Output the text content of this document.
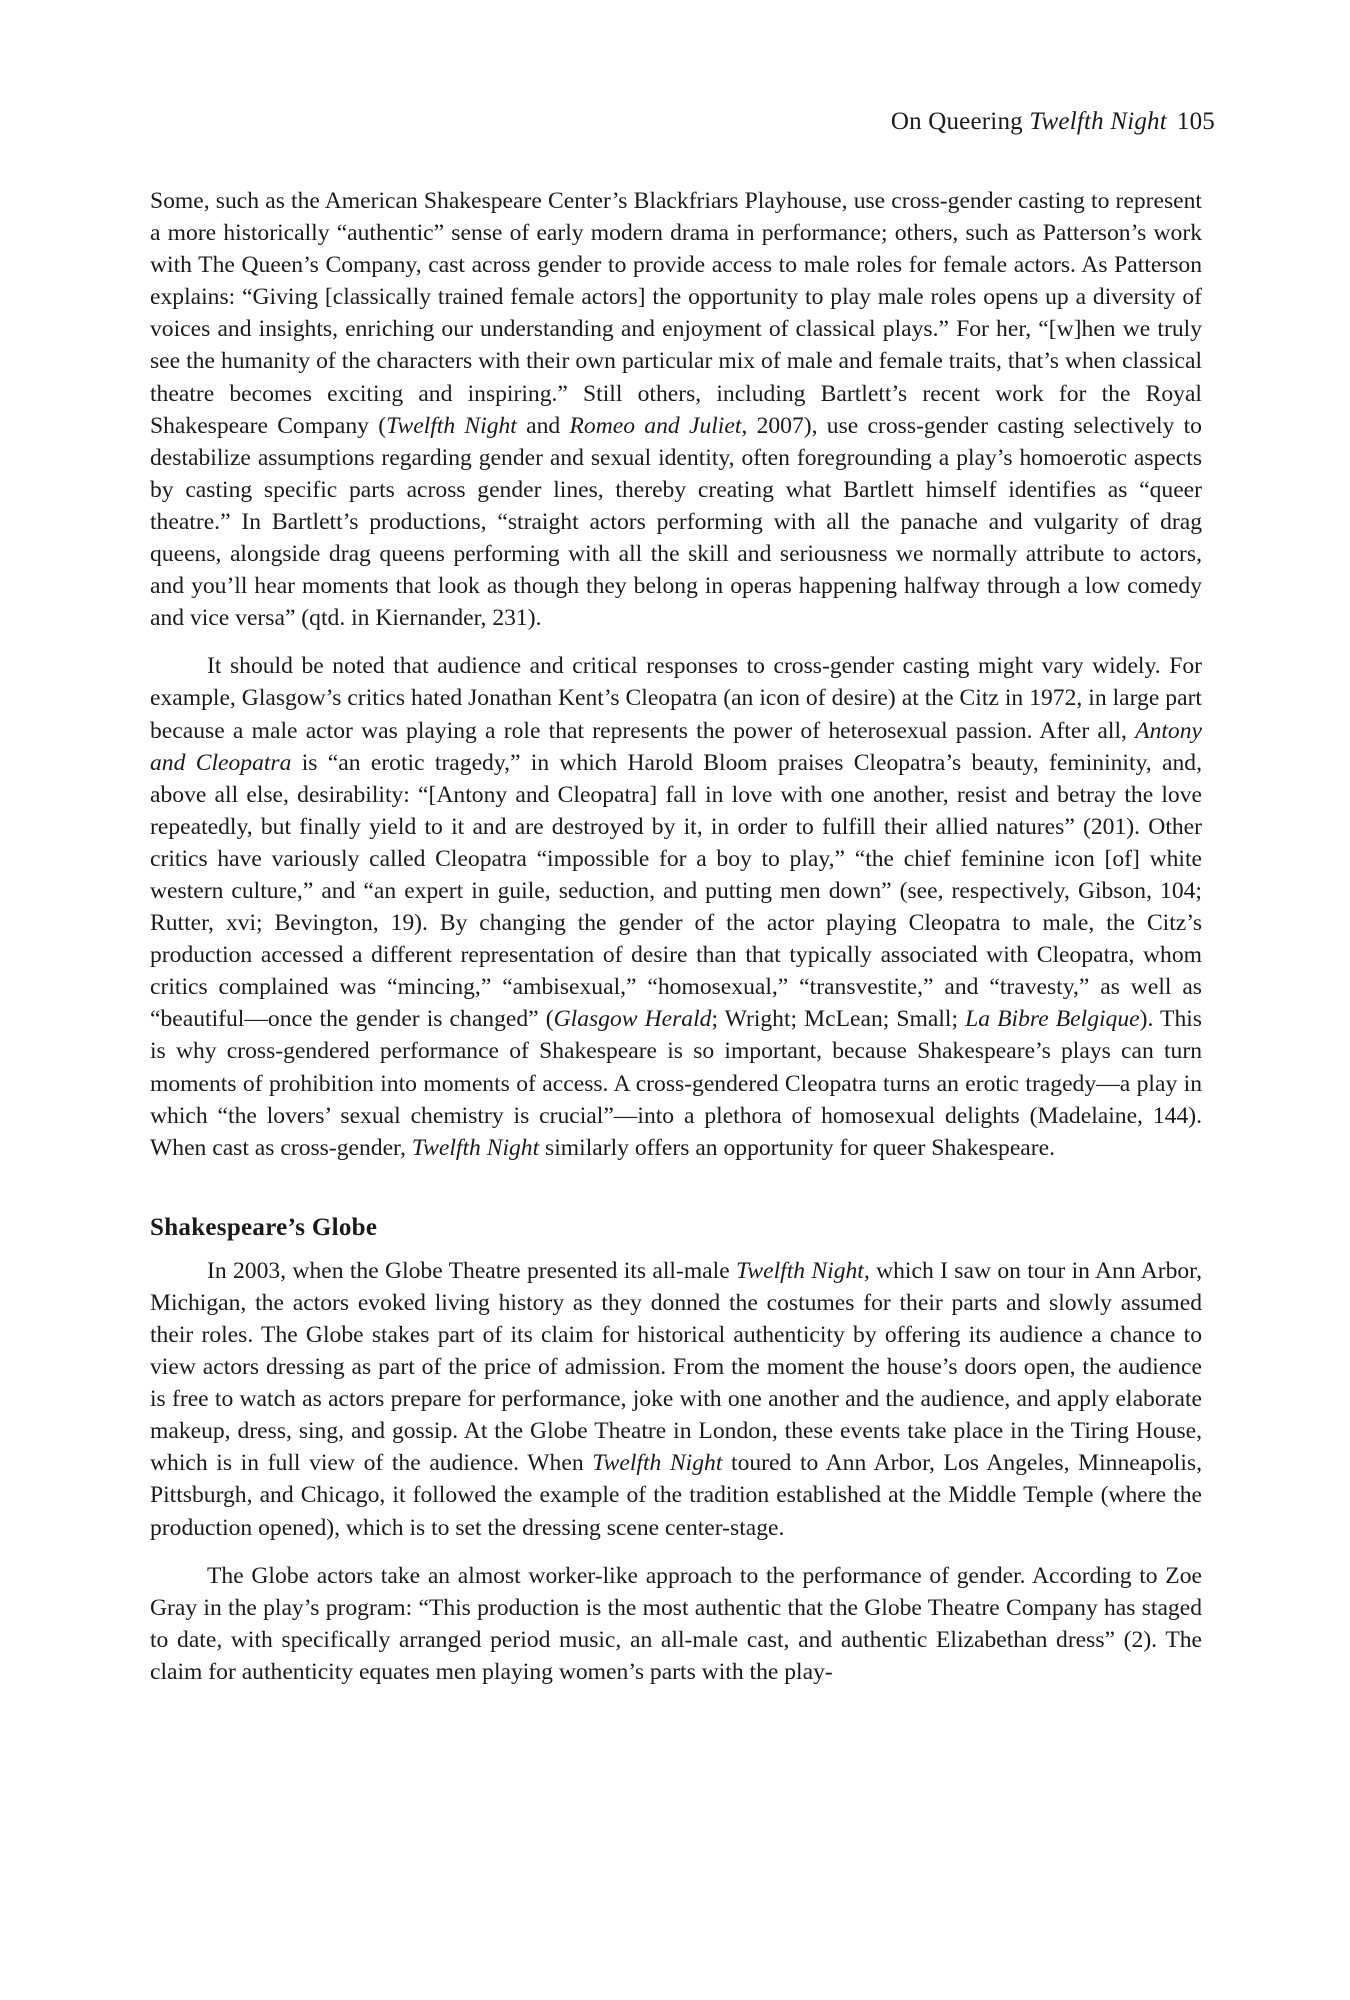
On Queering Twelfth Night 105

Some, such as the American Shakespeare Center’s Blackfriars Playhouse, use cross-gender casting to represent a more historically “authentic” sense of early modern drama in performance; others, such as Patterson’s work with The Queen’s Company, cast across gender to provide access to male roles for female actors. As Patterson explains: “Giving [classically trained female actors] the opportunity to play male roles opens up a diversity of voices and insights, enriching our understanding and enjoyment of classical plays.” For her, “[w]hen we truly see the humanity of the characters with their own particular mix of male and female traits, that’s when classical theatre becomes exciting and inspiring.” Still others, including Bartlett’s recent work for the Royal Shakespeare Company (Twelfth Night and Romeo and Juliet, 2007), use cross-gender casting selectively to destabilize assumptions regarding gender and sexual identity, often foregrounding a play’s homoerotic aspects by casting specific parts across gender lines, thereby creating what Bartlett himself identifies as “queer theatre.” In Bartlett’s productions, “straight actors performing with all the panache and vulgarity of drag queens, alongside drag queens performing with all the skill and seriousness we normally attribute to actors, and you’ll hear moments that look as though they belong in operas happening halfway through a low comedy and vice versa” (qtd. in Kiernander, 231).

It should be noted that audience and critical responses to cross-gender casting might vary widely. For example, Glasgow’s critics hated Jonathan Kent’s Cleopatra (an icon of desire) at the Citz in 1972, in large part because a male actor was playing a role that represents the power of heterosexual passion. After all, Antony and Cleopatra is “an erotic tragedy,” in which Harold Bloom praises Cleopatra’s beauty, femininity, and, above all else, desirability: “[Antony and Cleopatra] fall in love with one another, resist and betray the love repeatedly, but finally yield to it and are destroyed by it, in order to fulfill their allied natures” (201). Other critics have variously called Cleopatra “impossible for a boy to play,” “the chief feminine icon [of] white western culture,” and “an expert in guile, seduction, and putting men down” (see, respectively, Gibson, 104; Rutter, xvi; Bevington, 19). By changing the gender of the actor playing Cleopatra to male, the Citz’s production accessed a different representation of desire than that typically associated with Cleopatra, whom critics complained was “mincing,” “ambisexual,” “homosexual,” “transvestite,” and “travesty,” as well as “beautiful—once the gender is changed” (Glasgow Herald; Wright; McLean; Small; La Bibre Belgique). This is why cross-gendered performance of Shakespeare is so important, because Shakespeare’s plays can turn moments of prohibition into moments of access. A cross-gendered Cleopatra turns an erotic tragedy—a play in which “the lovers’ sexual chemistry is crucial”—into a plethora of homosexual delights (Madelaine, 144). When cast as cross-gender, Twelfth Night similarly offers an opportunity for queer Shakespeare.

Shakespeare’s Globe

In 2003, when the Globe Theatre presented its all-male Twelfth Night, which I saw on tour in Ann Arbor, Michigan, the actors evoked living history as they donned the costumes for their parts and slowly assumed their roles. The Globe stakes part of its claim for historical authenticity by offering its audience a chance to view actors dressing as part of the price of admission. From the moment the house’s doors open, the audience is free to watch as actors prepare for performance, joke with one another and the audience, and apply elaborate makeup, dress, sing, and gossip. At the Globe Theatre in London, these events take place in the Tiring House, which is in full view of the audience. When Twelfth Night toured to Ann Arbor, Los Angeles, Minneapolis, Pittsburgh, and Chicago, it followed the example of the tradition established at the Middle Temple (where the production opened), which is to set the dressing scene center-stage.

The Globe actors take an almost worker-like approach to the performance of gender. According to Zoe Gray in the play’s program: “This production is the most authentic that the Globe Theatre Company has staged to date, with specifically arranged period music, an all-male cast, and authentic Elizabethan dress” (2). The claim for authenticity equates men playing women’s parts with the play-
